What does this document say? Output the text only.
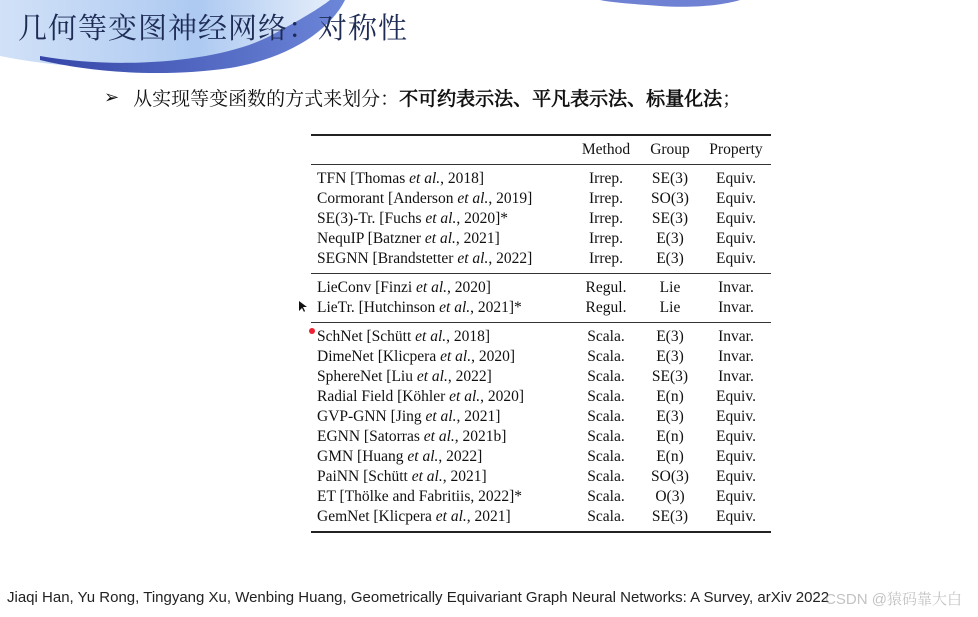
几何等变图神经网络：对称性
➢ 从实现等变函数的方式来划分： 不可约表示法、平凡表示法、标量化法 ；
	Method	Group	Property
TFN [Thomas et al., 2018]	Irrep.	SE(3)	Equiv.
Cormorant [Anderson et al., 2019]	Irrep.	SO(3)	Equiv.
SE(3)-Tr. [Fuchs et al., 2020]*	Irrep.	SE(3)	Equiv.
NequIP [Batzner et al., 2021]	Irrep.	E(3)	Equiv.
SEGNN [Brandstetter et al., 2022]	Irrep.	E(3)	Equiv.
LieConv [Finzi et al., 2020]	Regul.	Lie	Invar.
LieTr. [Hutchinson et al., 2021]*	Regul.	Lie	Invar.
SchNet [Schütt et al., 2018]	Scala.	E(3)	Invar.
DimeNet [Klicpera et al., 2020]	Scala.	E(3)	Invar.
SphereNet [Liu et al., 2022]	Scala.	SE(3)	Invar.
Radial Field [Köhler et al., 2020]	Scala.	E(n)	Equiv.
GVP-GNN [Jing et al., 2021]	Scala.	E(3)	Equiv.
EGNN [Satorras et al., 2021b]	Scala.	E(n)	Equiv.
GMN [Huang et al., 2022]	Scala.	E(n)	Equiv.
PaiNN [Schütt et al., 2021]	Scala.	SO(3)	Equiv.
ET [Thölke and Fabritiis, 2022]*	Scala.	O(3)	Equiv.
GemNet [Klicpera et al., 2021]	Scala.	SE(3)	Equiv.
Jiaqi Han, Yu Rong, Tingyang Xu, Wenbing Huang, Geometrically Equivariant Graph Neural Networks: A Survey, arXiv 2022
CSDN @猿码靠大白
